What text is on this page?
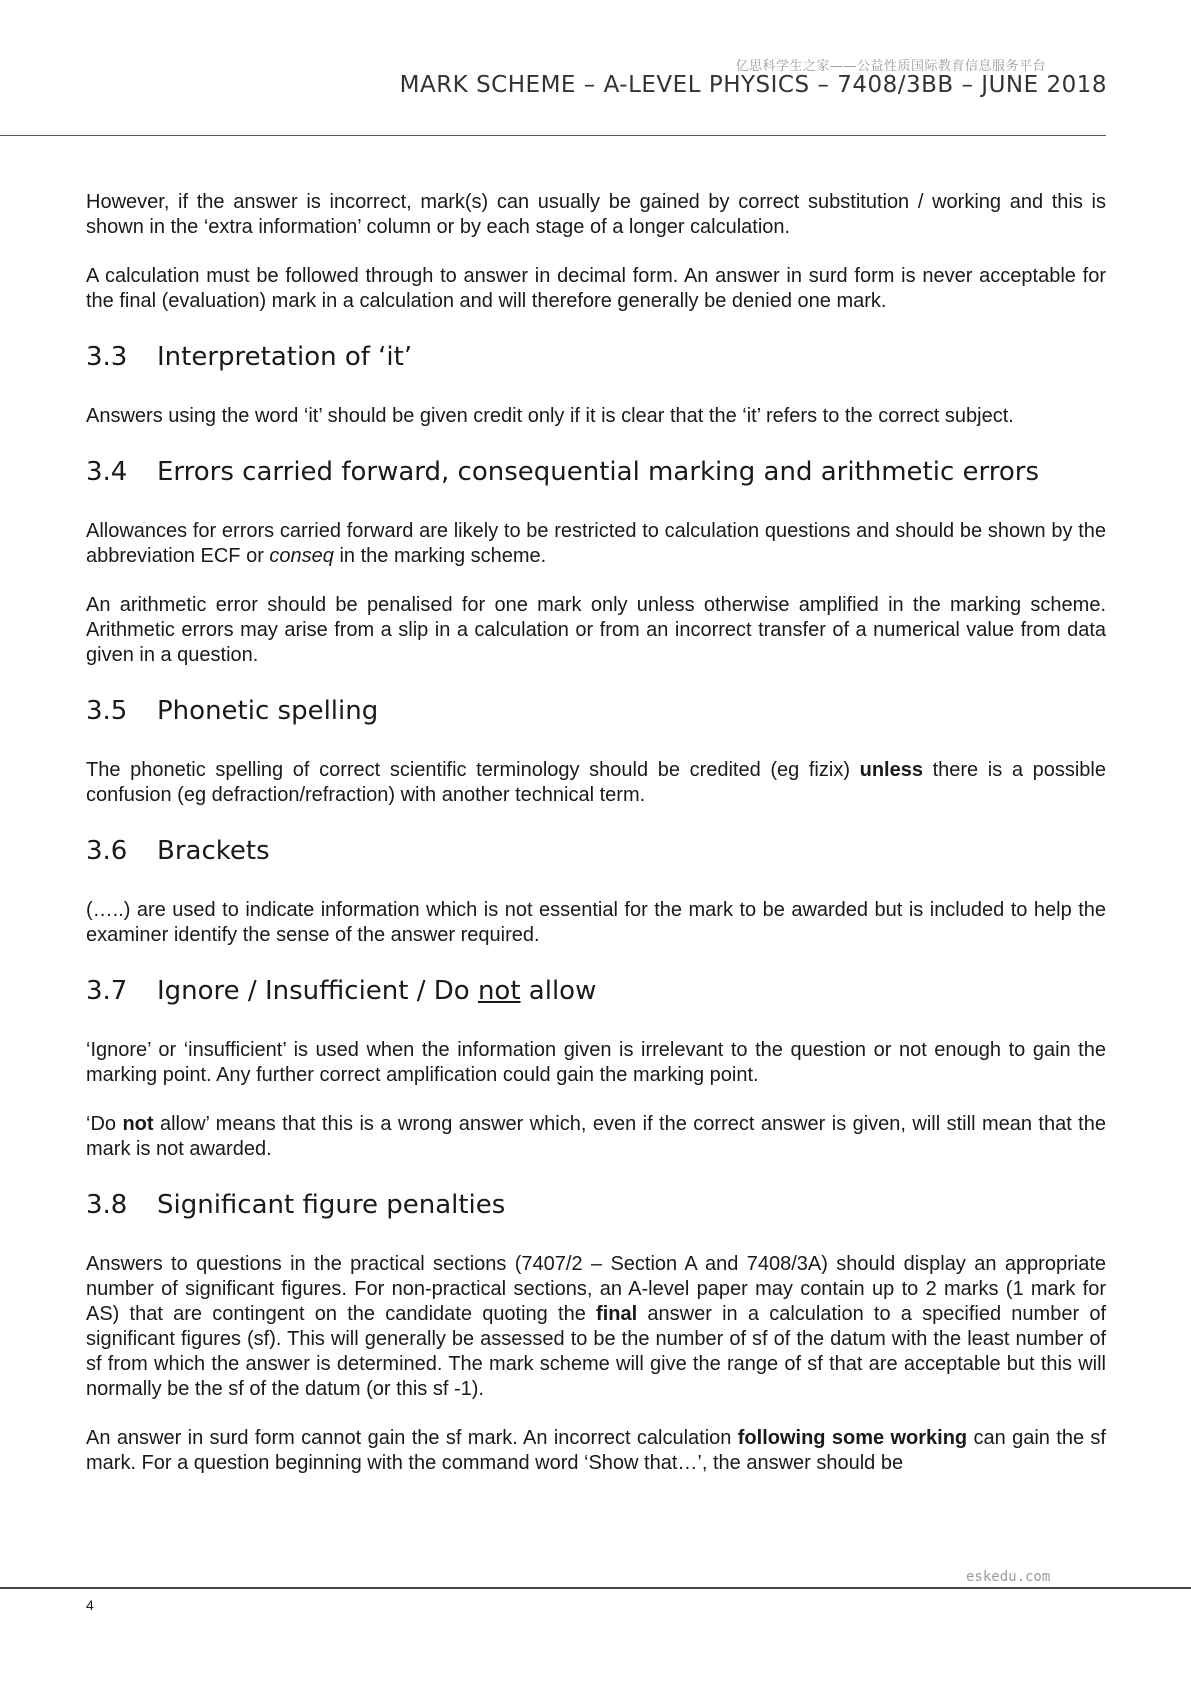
亿思科学生之家——公益性质国际教育信息服务平台
MARK SCHEME – A-LEVEL PHYSICS – 7408/3BB – JUNE 2018

However, if the answer is incorrect, mark(s) can usually be gained by correct substitution / working and this is shown in the ‘extra information’ column or by each stage of a longer calculation.

A calculation must be followed through to answer in decimal form. An answer in surd form is never acceptable for the final (evaluation) mark in a calculation and will therefore generally be denied one mark.

3.3	Interpretation of ‘it’

Answers using the word ‘it’ should be given credit only if it is clear that the ‘it’ refers to the correct subject.

3.4	Errors carried forward, consequential marking and arithmetic errors

Allowances for errors carried forward are likely to be restricted to calculation questions and should be shown by the abbreviation ECF or conseq in the marking scheme.

An arithmetic error should be penalised for one mark only unless otherwise amplified in the marking scheme. Arithmetic errors may arise from a slip in a calculation or from an incorrect transfer of a numerical value from data given in a question.

3.5	Phonetic spelling

The phonetic spelling of correct scientific terminology should be credited (eg fizix) unless there is a possible confusion (eg defraction/refraction) with another technical term.

3.6	Brackets

(…..) are used to indicate information which is not essential for the mark to be awarded but is included to help the examiner identify the sense of the answer required.

3.7	Ignore / Insufficient / Do not allow

‘Ignore’ or ‘insufficient’ is used when the information given is irrelevant to the question or not enough to gain the marking point. Any further correct amplification could gain the marking point.

‘Do not allow’ means that this is a wrong answer which, even if the correct answer is given, will still mean that the mark is not awarded.

3.8	Significant figure penalties

Answers to questions in the practical sections (7407/2 – Section A and 7408/3A) should display an appropriate number of significant figures. For non-practical sections, an A-level paper may contain up to 2 marks (1 mark for AS) that are contingent on the candidate quoting the final answer in a calculation to a specified number of significant figures (sf). This will generally be assessed to be the number of sf of the datum with the least number of sf from which the answer is determined. The mark scheme will give the range of sf that are acceptable but this will normally be the sf of the datum (or this sf -1).

An answer in surd form cannot gain the sf mark. An incorrect calculation following some working can gain the sf mark. For a question beginning with the command word ‘Show that…’, the answer should be

eskedu.com
4
